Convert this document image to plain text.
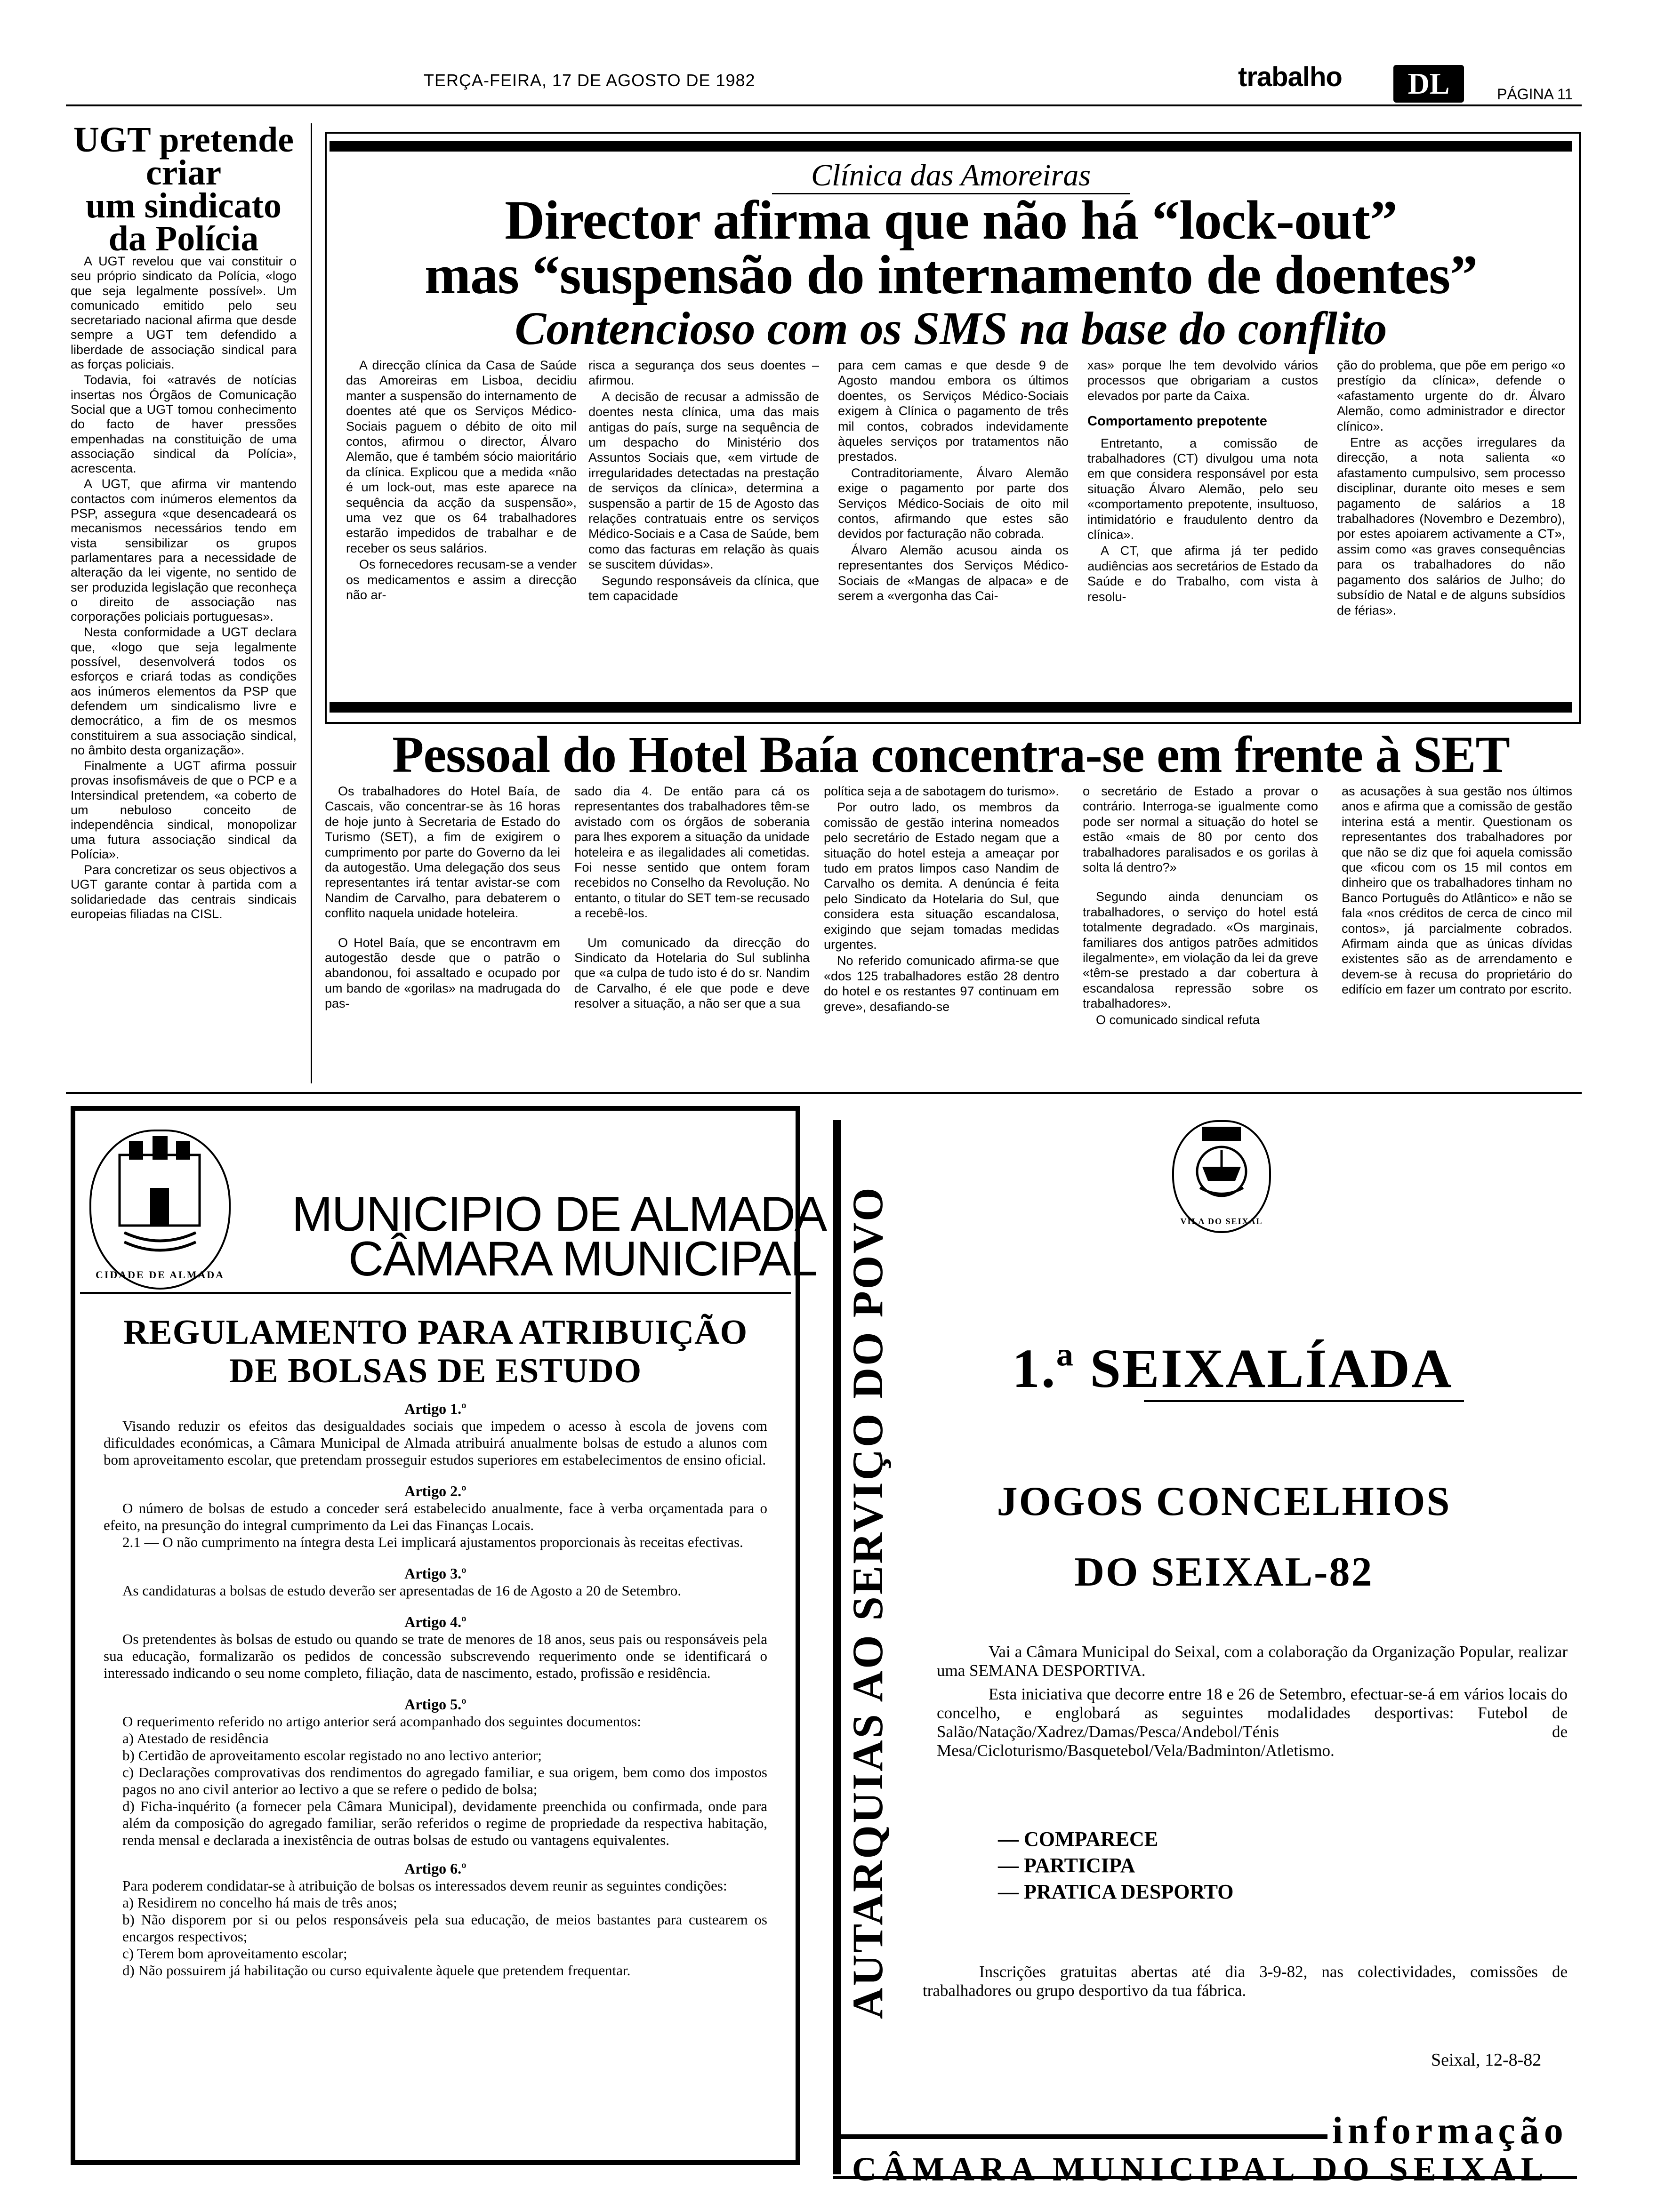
TERÇA-FEIRA, 17 DE AGOSTO DE 1982	trabalho	DL	PÁGINA 11
UGT pretende
criar
um sindicato
da Polícia

A UGT revelou que vai constituir o seu próprio sindicato da Polícia, «logo que seja legalmente possível». Um comunicado emitido pelo seu secretariado nacional afirma que desde sempre a UGT tem defendido a liberdade de associação sindical para as forças policiais.

Todavia, foi «através de notícias insertas nos Órgãos de Comunicação Social que a UGT tomou conhecimento do facto de haver pressões empenhadas na constituição de uma associação sindical da Polícia», acrescenta.

A UGT, que afirma vir mantendo contactos com inúmeros elementos da PSP, assegura «que desencadeará os mecanismos necessários tendo em vista sensibilizar os grupos parlamentares para a necessidade de alteração da lei vigente, no sentido de ser produzida legislação que reconheça o direito de associação nas corporações policiais portuguesas».

Nesta conformidade a UGT declara que, «logo que seja legalmente possível, desenvolverá todos os esforços e criará todas as condições aos inúmeros elementos da PSP que defendem um sindicalismo livre e democrático, a fim de os mesmos constituirem a sua associação sindical, no âmbito desta organização».

Finalmente a UGT afirma possuir provas insofismáveis de que o PCP e a Intersindical pretendem, «a coberto de um nebuloso conceito de independência sindical, monopolizar uma futura associação sindical da Polícia».

Para concretizar os seus objectivos a UGT garante contar à partida com a solidariedade das centrais sindicais europeias filiadas na CISL.

Clínica das Amoreiras
Director afirma que não há “lock-out”
mas “suspensão do internamento de doentes”
Contencioso com os SMS na base do conflito

A direcção clínica da Casa de Saúde das Amoreiras em Lisboa, decidiu manter a suspensão do internamento de doentes até que os Serviços Médico-Sociais paguem o débito de oito mil contos, afirmou o director, Álvaro Alemão, que é também sócio maioritário da clínica. Explicou que a medida «não é um lock-out, mas este aparece na sequência da acção da suspensão», uma vez que os 64 trabalhadores estarão impedidos de trabalhar e de receber os seus salários.

Os fornecedores recusam-se a vender os medicamentos e assim a direcção não ar-

risca a segurança dos seus doentes – afirmou.

A decisão de recusar a admissão de doentes nesta clínica, uma das mais antigas do país, surge na sequência de um despacho do Ministério dos Assuntos Sociais que, «em virtude de irregularidades detectadas na prestação de serviços da clínica», determina a suspensão a partir de 15 de Agosto das relações contratuais entre os serviços Médico-Sociais e a Casa de Saúde, bem como das facturas em relação às quais se suscitem dúvidas».

Segundo responsáveis da clínica, que tem capacidade

para cem camas e que desde 9 de Agosto mandou embora os últimos doentes, os Serviços Médico-Sociais exigem à Clínica o pagamento de três mil contos, cobrados indevidamente àqueles serviços por tratamentos não prestados.

Contraditoriamente, Álvaro Alemão exige o pagamento por parte dos Serviços Médico-Sociais de oito mil contos, afirmando que estes são devidos por facturação não cobrada.

Álvaro Alemão acusou ainda os representantes dos Serviços Médico-Sociais de «Mangas de alpaca» e de serem a «vergonha das Cai-

xas» porque lhe tem devolvido vários processos que obrigariam a custos elevados por parte da Caixa.

Comportamento prepotente

Entretanto, a comissão de trabalhadores (CT) divulgou uma nota em que considera responsável por esta situação Álvaro Alemão, pelo seu «comportamento prepotente, insultuoso, intimidatório e fraudulento dentro da clínica».

A CT, que afirma já ter pedido audiências aos secretários de Estado da Saúde e do Trabalho, com vista à resolu-

ção do problema, que põe em perigo «o prestígio da clínica», defende o «afastamento urgente do dr. Álvaro Alemão, como administrador e director clínico».

Entre as acções irregulares da direcção, a nota salienta «o afastamento cumpulsivo, sem processo disciplinar, durante oito meses e sem pagamento de salários a 18 trabalhadores (Novembro e Dezembro), por estes apoiarem activamente a CT», assim como «as graves consequências para os trabalhadores do não pagamento dos salários de Julho; do subsídio de Natal e de alguns subsídios de férias».

Pessoal do Hotel Baía concentra-se em frente à SET

Os trabalhadores do Hotel Baía, de Cascais, vão concentrar-se às 16 horas de hoje junto à Secretaria de Estado do Turismo (SET), a fim de exigirem o cumprimento por parte do Governo da lei da autogestão. Uma delegação dos seus representantes irá tentar avistar-se com Nandim de Carvalho, para debaterem o conflito naquela unidade hoteleira.

O Hotel Baía, que se encontravm em autogestão desde que o patrão o abandonou, foi assaltado e ocupado por um bando de «gorilas» na madrugada do pas-

sado dia 4. De então para cá os representantes dos trabalhadores têm-se avistado com os órgãos de soberania para lhes exporem a situação da unidade hoteleira e as ilegalidades ali cometidas. Foi nesse sentido que ontem foram recebidos no Conselho da Revolução. No entanto, o titular do SET tem-se recusado a recebê-los.

Um comunicado da direcção do Sindicato da Hotelaria do Sul sublinha que «a culpa de tudo isto é do sr. Nandim de Carvalho, é ele que pode e deve resolver a situação, a não ser que a sua

política seja a de sabotagem do turismo».

Por outro lado, os membros da comissão de gestão interina nomeados pelo secretário de Estado negam que a situação do hotel esteja a ameaçar por tudo em pratos limpos caso Nandim de Carvalho os demita. A denúncia é feita pelo Sindicato da Hotelaria do Sul, que considera esta situação escandalosa, exigindo que sejam tomadas medidas urgentes.

No referido comunicado afirma-se que «dos 125 trabalhadores estão 28 dentro do hotel e os restantes 97 continuam em greve», desafiando-se

o secretário de Estado a provar o contrário. Interroga-se igualmente como pode ser normal a situação do hotel se estão «mais de 80 por cento dos trabalhadores paralisados e os gorilas à solta lá dentro?»

Segundo ainda denunciam os trabalhadores, o serviço do hotel está totalmente degradado. «Os marginais, familiares dos antigos patrões admitidos ilegalmente», em violação da lei da greve «têm-se prestado a dar cobertura à escandalosa repressão sobre os trabalhadores».

O comunicado sindical refuta

as acusações à sua gestão nos últimos anos e afirma que a comissão de gestão interina está a mentir. Questionam os representantes dos trabalhadores por que não se diz que foi aquela comissão que «ficou com os 15 mil contos em dinheiro que os trabalhadores tinham no Banco Português do Atlântico» e não se fala «nos créditos de cerca de cinco mil contos», já parcialmente cobrados. Afirmam ainda que as únicas dívidas existentes são as de arrendamento e devem-se à recusa do proprietário do edifício em fazer um contrato por escrito.

CIDADE DE ALMADA
MUNICIPIO DE ALMADA
CÂMARA MUNICIPAL
REGULAMENTO PARA ATRIBUIÇÃO
DE BOLSAS DE ESTUDO
Artigo 1.º
Visando reduzir os efeitos das desigualdades sociais que impedem o acesso à escola de jovens com dificuldades económicas, a Câmara Municipal de Almada atribuirá anualmente bolsas de estudo a alunos com bom aproveitamento escolar, que pretendam prosseguir estudos superiores em estabelecimentos de ensino oficial.
Artigo 2.º
O número de bolsas de estudo a conceder será estabelecido anualmente, face à verba orçamentada para o efeito, na presunção do integral cumprimento da Lei das Finanças Locais.
2.1 — O não cumprimento na íntegra desta Lei implicará ajustamentos proporcionais às receitas efectivas.
Artigo 3.º
As candidaturas a bolsas de estudo deverão ser apresentadas de 16 de Agosto a 20 de Setembro.
Artigo 4.º
Os pretendentes às bolsas de estudo ou quando se trate de menores de 18 anos, seus pais ou responsáveis pela sua educação, formalizarão os pedidos de concessão subscrevendo requerimento onde se identificará o interessado indicando o seu nome completo, filiação, data de nascimento, estado, profissão e residência.
Artigo 5.º
O requerimento referido no artigo anterior será acompanhado dos seguintes documentos:
a) Atestado de residência
b) Certidão de aproveitamento escolar registado no ano lectivo anterior;
c) Declarações comprovativas dos rendimentos do agregado familiar, e sua origem, bem como dos impostos pagos no ano civil anterior ao lectivo a que se refere o pedido de bolsa;
d) Ficha-inquérito (a fornecer pela Câmara Municipal), devidamente preenchida ou confirmada, onde para além da composição do agregado familiar, serão referidos o regime de propriedade da respectiva habitação, renda mensal e declarada a inexistência de outras bolsas de estudo ou vantagens equivalentes.
Artigo 6.º
Para poderem condidatar-se à atribuição de bolsas os interessados devem reunir as seguintes condições:
a) Residirem no concelho há mais de três anos;
b) Não disporem por si ou pelos responsáveis pela sua educação, de meios bastantes para custearem os encargos respectivos;
c) Terem bom aproveitamento escolar;
d) Não possuirem já habilitação ou curso equivalente àquele que pretendem frequentar.	AUTARQUIAS AO SERVIÇO DO POVO	VILA DO SEIXAL
1.ª SEIXALÍADA
JOGOS CONCELHIOS
DO SEIXAL-82
Vai a Câmara Municipal do Seixal, com a colaboração da Organização Popular, realizar uma SEMANA DESPORTIVA.
Esta iniciativa que decorre entre 18 e 26 de Setembro, efectuar-se-á em vários locais do concelho, e englobará as seguintes modalidades desportivas: Futebol de Salão/Natação/Xadrez/Damas/Pesca/Andebol/Ténis de Mesa/Cicloturismo/Basquetebol/Vela/Badminton/Atletismo.
— COMPARECE
— PARTICIPA
— PRATICA DESPORTO
Inscrições gratuitas abertas até dia 3-9-82, nas colectividades, comissões de trabalhadores ou grupo desportivo da tua fábrica.
Seixal, 12-8-82
informação
CÂMARA MUNICIPAL DO SEIXAL
